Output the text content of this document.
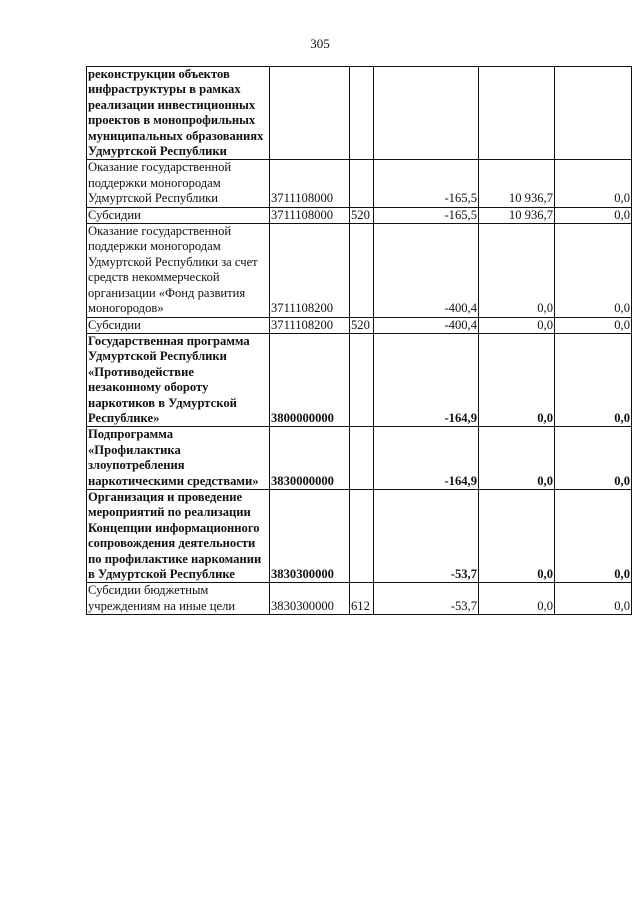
305
реконструкции объектов инфраструктуры в рамках реализации инвестиционных проектов в монопрофильных муниципальных образованиях Удмуртской Республики					
Оказание государственной поддержки моногородам Удмуртской Республики	3711108000		-165,5	10 936,7	0,0
Субсидии	3711108000	520	-165,5	10 936,7	0,0
Оказание государственной поддержки моногородам Удмуртской Республики за счет средств некоммерческой организации «Фонд развития моногородов»	3711108200		-400,4	0,0	0,0
Субсидии	3711108200	520	-400,4	0,0	0,0
Государственная программа Удмуртской Республики «Противодействие незаконному обороту наркотиков в Удмуртской Республике»	3800000000		-164,9	0,0	0,0
Подпрограмма «Профилактика злоупотребления наркотическими средствами»	3830000000		-164,9	0,0	0,0
Организация и проведение мероприятий по реализации Концепции информационного сопровождения деятельности по профилактике наркомании в Удмуртской Республике	3830300000		-53,7	0,0	0,0
Субсидии бюджетным учреждениям на иные цели	3830300000	612	-53,7	0,0	0,0
